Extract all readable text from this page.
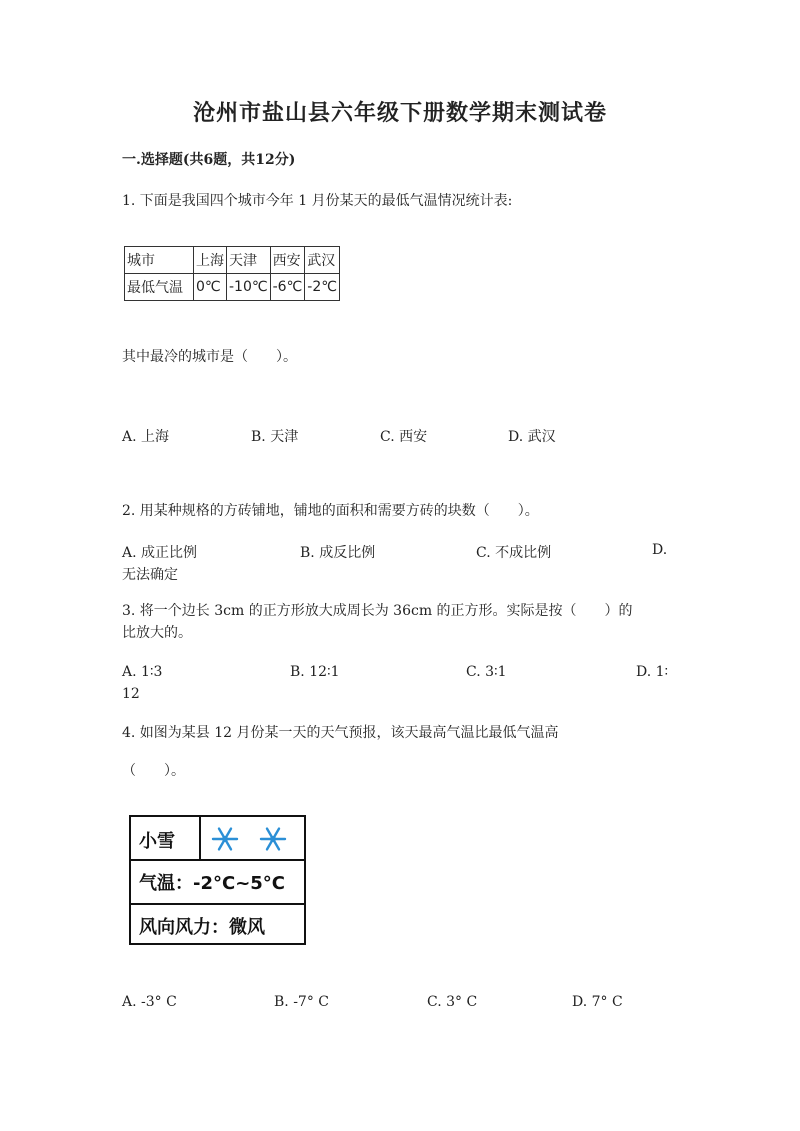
沧州市盐山县六年级下册数学期末测试卷
一.选择题(共6题，共12分)
1. 下面是我国四个城市今年 1 月份某天的最低气温情况统计表:
城市	上海	天津	西安	武汉
最低气温	0℃	-10℃	-6℃	-2℃
其中最冷的城市是（　　）。
A. 上海	B. 天津	C. 西安	D. 武汉
2. 用某种规格的方砖铺地，铺地的面积和需要方砖的块数（　　）。
A. 成正比例	B. 成反比例	C. 不成比例	D.
无法确定
3. 将一个边长 3cm 的正方形放大成周长为 36cm 的正方形。实际是按（　　）的
比放大的。
A. 1∶3	B. 12∶1	C. 3∶1	D. 1∶
12
4. 如图为某县 12 月份某一天的天气预报，该天最高气温比最低气温高
（　　）。
小雪
气温：-2°C~5°C
风向风力：微风
A. -3° C	B. -7° C	C. 3° C	D. 7° C
